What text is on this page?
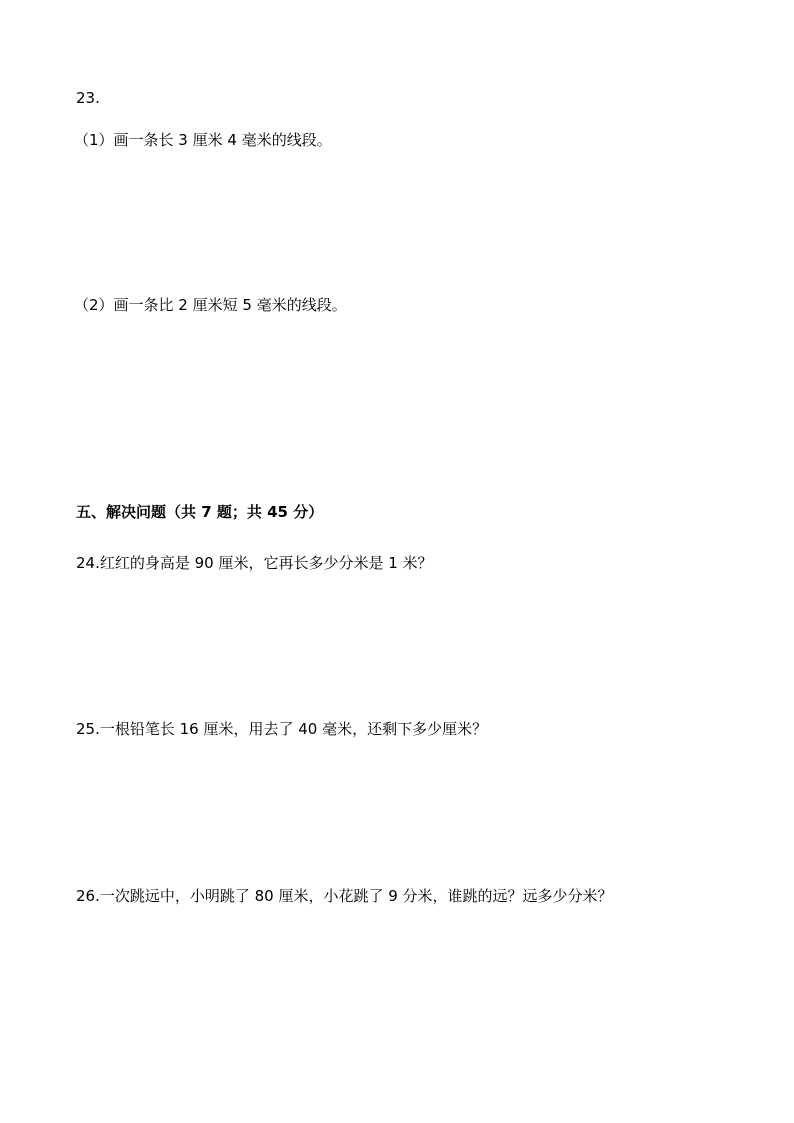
23.
（1）画一条长 3 厘米 4 毫米的线段。
（2）画一条比 2 厘米短 5 毫米的线段。
五、解决问题（共 7 题；共 45 分）
24.红红的身高是 90 厘米，它再长多少分米是 1 米？
25.一根铅笔长 16 厘米，用去了 40 毫米，还剩下多少厘米？
26.一次跳远中，小明跳了 80 厘米，小花跳了 9 分米，谁跳的远？远多少分米？
